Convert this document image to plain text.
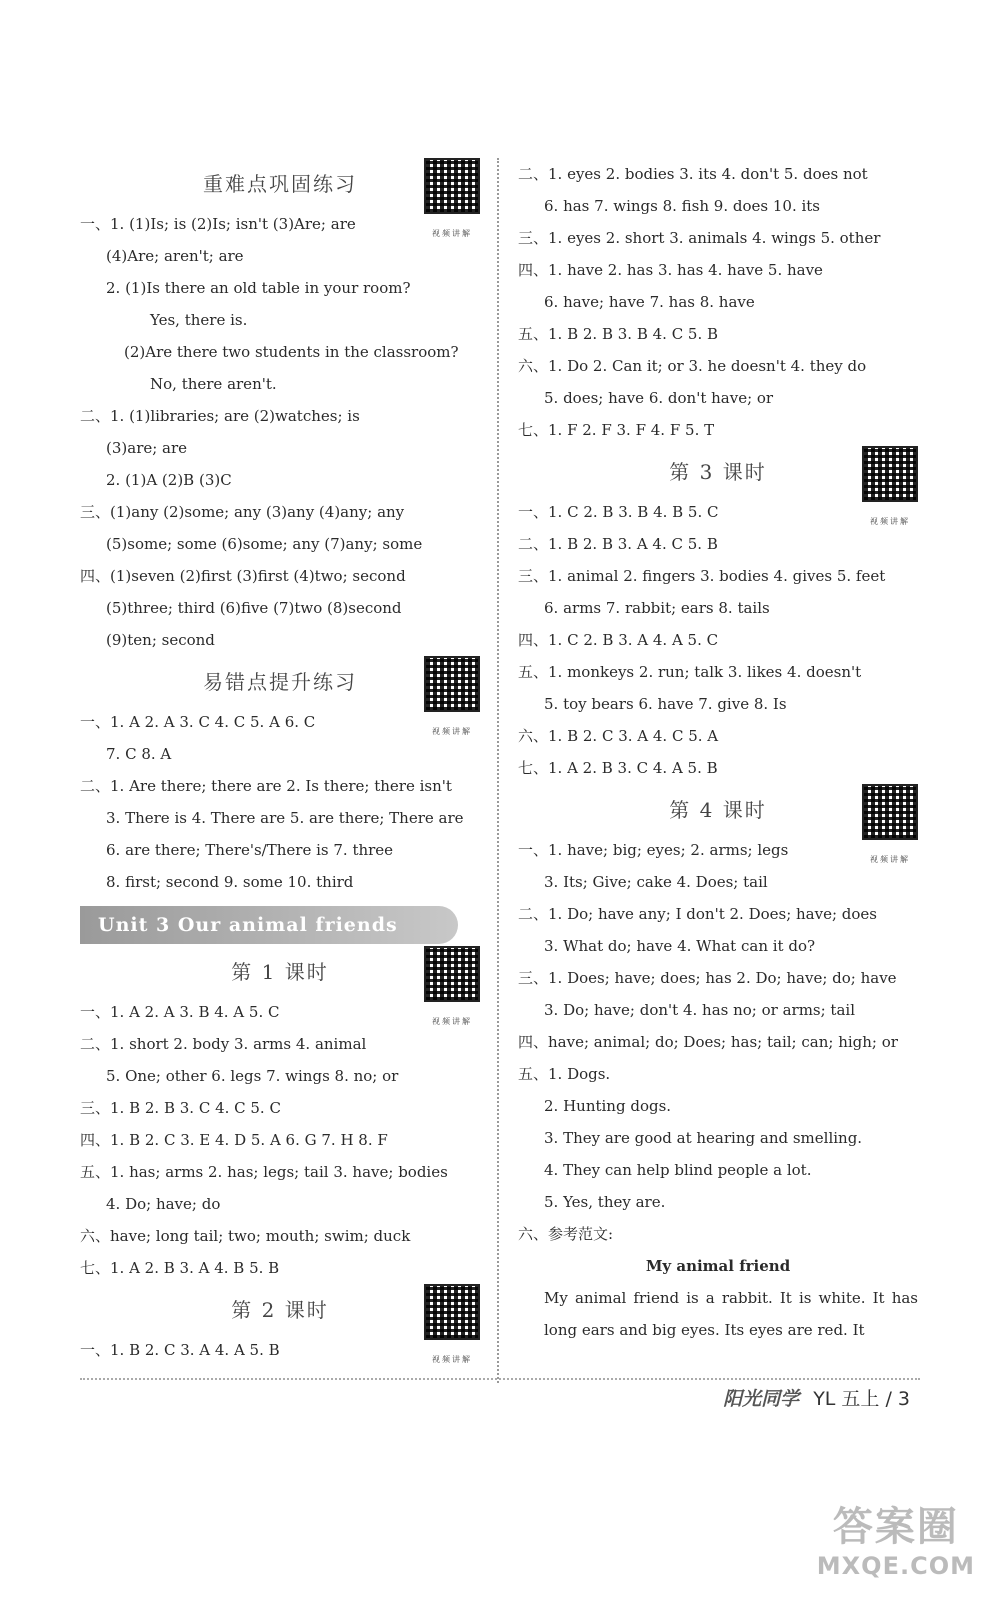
重难点巩固练习
视频讲解
一、1. (1)Is; is (2)Is; isn't (3)Are; are
(4)Are; aren't; are
2. (1)Is there an old table in your room?
Yes, there is.
(2)Are there two students in the classroom?
No, there aren't.
二、1. (1)libraries; are (2)watches; is
(3)are; are
2. (1)A (2)B (3)C
三、(1)any (2)some; any (3)any (4)any; any
(5)some; some (6)some; any (7)any; some
四、(1)seven (2)first (3)first (4)two; second
(5)three; third (6)five (7)two (8)second
(9)ten; second
易错点提升练习
视频讲解
一、1. A 2. A 3. C 4. C 5. A 6. C
7. C 8. A
二、1. Are there; there are 2. Is there; there isn't
3. There is 4. There are 5. are there; There are
6. are there; There's/There is 7. three
8. first; second 9. some 10. third
Unit 3 Our animal friends
第 1 课时
视频讲解
一、1. A 2. A 3. B 4. A 5. C
二、1. short 2. body 3. arms 4. animal
5. One; other 6. legs 7. wings 8. no; or
三、1. B 2. B 3. C 4. C 5. C
四、1. B 2. C 3. E 4. D 5. A 6. G 7. H 8. F
五、1. has; arms 2. has; legs; tail 3. have; bodies
4. Do; have; do
六、have; long tail; two; mouth; swim; duck
七、1. A 2. B 3. A 4. B 5. B
第 2 课时
视频讲解
一、1. B 2. C 3. A 4. A 5. B
二、1. eyes 2. bodies 3. its 4. don't 5. does not
6. has 7. wings 8. fish 9. does 10. its
三、1. eyes 2. short 3. animals 4. wings 5. other
四、1. have 2. has 3. has 4. have 5. have
6. have; have 7. has 8. have
五、1. B 2. B 3. B 4. C 5. B
六、1. Do 2. Can it; or 3. he doesn't 4. they do
5. does; have 6. don't have; or
七、1. F 2. F 3. F 4. F 5. T
第 3 课时
视频讲解
一、1. C 2. B 3. B 4. B 5. C
二、1. B 2. B 3. A 4. C 5. B
三、1. animal 2. fingers 3. bodies 4. gives 5. feet
6. arms 7. rabbit; ears 8. tails
四、1. C 2. B 3. A 4. A 5. C
五、1. monkeys 2. run; talk 3. likes 4. doesn't
5. toy bears 6. have 7. give 8. Is
六、1. B 2. C 3. A 4. C 5. A
七、1. A 2. B 3. C 4. A 5. B
第 4 课时
视频讲解
一、1. have; big; eyes; 2. arms; legs
3. Its; Give; cake 4. Does; tail
二、1. Do; have any; I don't 2. Does; have; does
3. What do; have 4. What can it do?
三、1. Does; have; does; has 2. Do; have; do; have
3. Do; have; don't 4. has no; or arms; tail
四、have; animal; do; Does; has; tail; can; high; or
五、1. Dogs.
2. Hunting dogs.
3. They are good at hearing and smelling.
4. They can help blind people a lot.
5. Yes, they are.
六、参考范文:
My animal friend
My animal friend is a rabbit. It is white. It has long ears and big eyes. Its eyes are red. It
阳光同学 YL 五上 / 3
答案圈
MXQE.COM
